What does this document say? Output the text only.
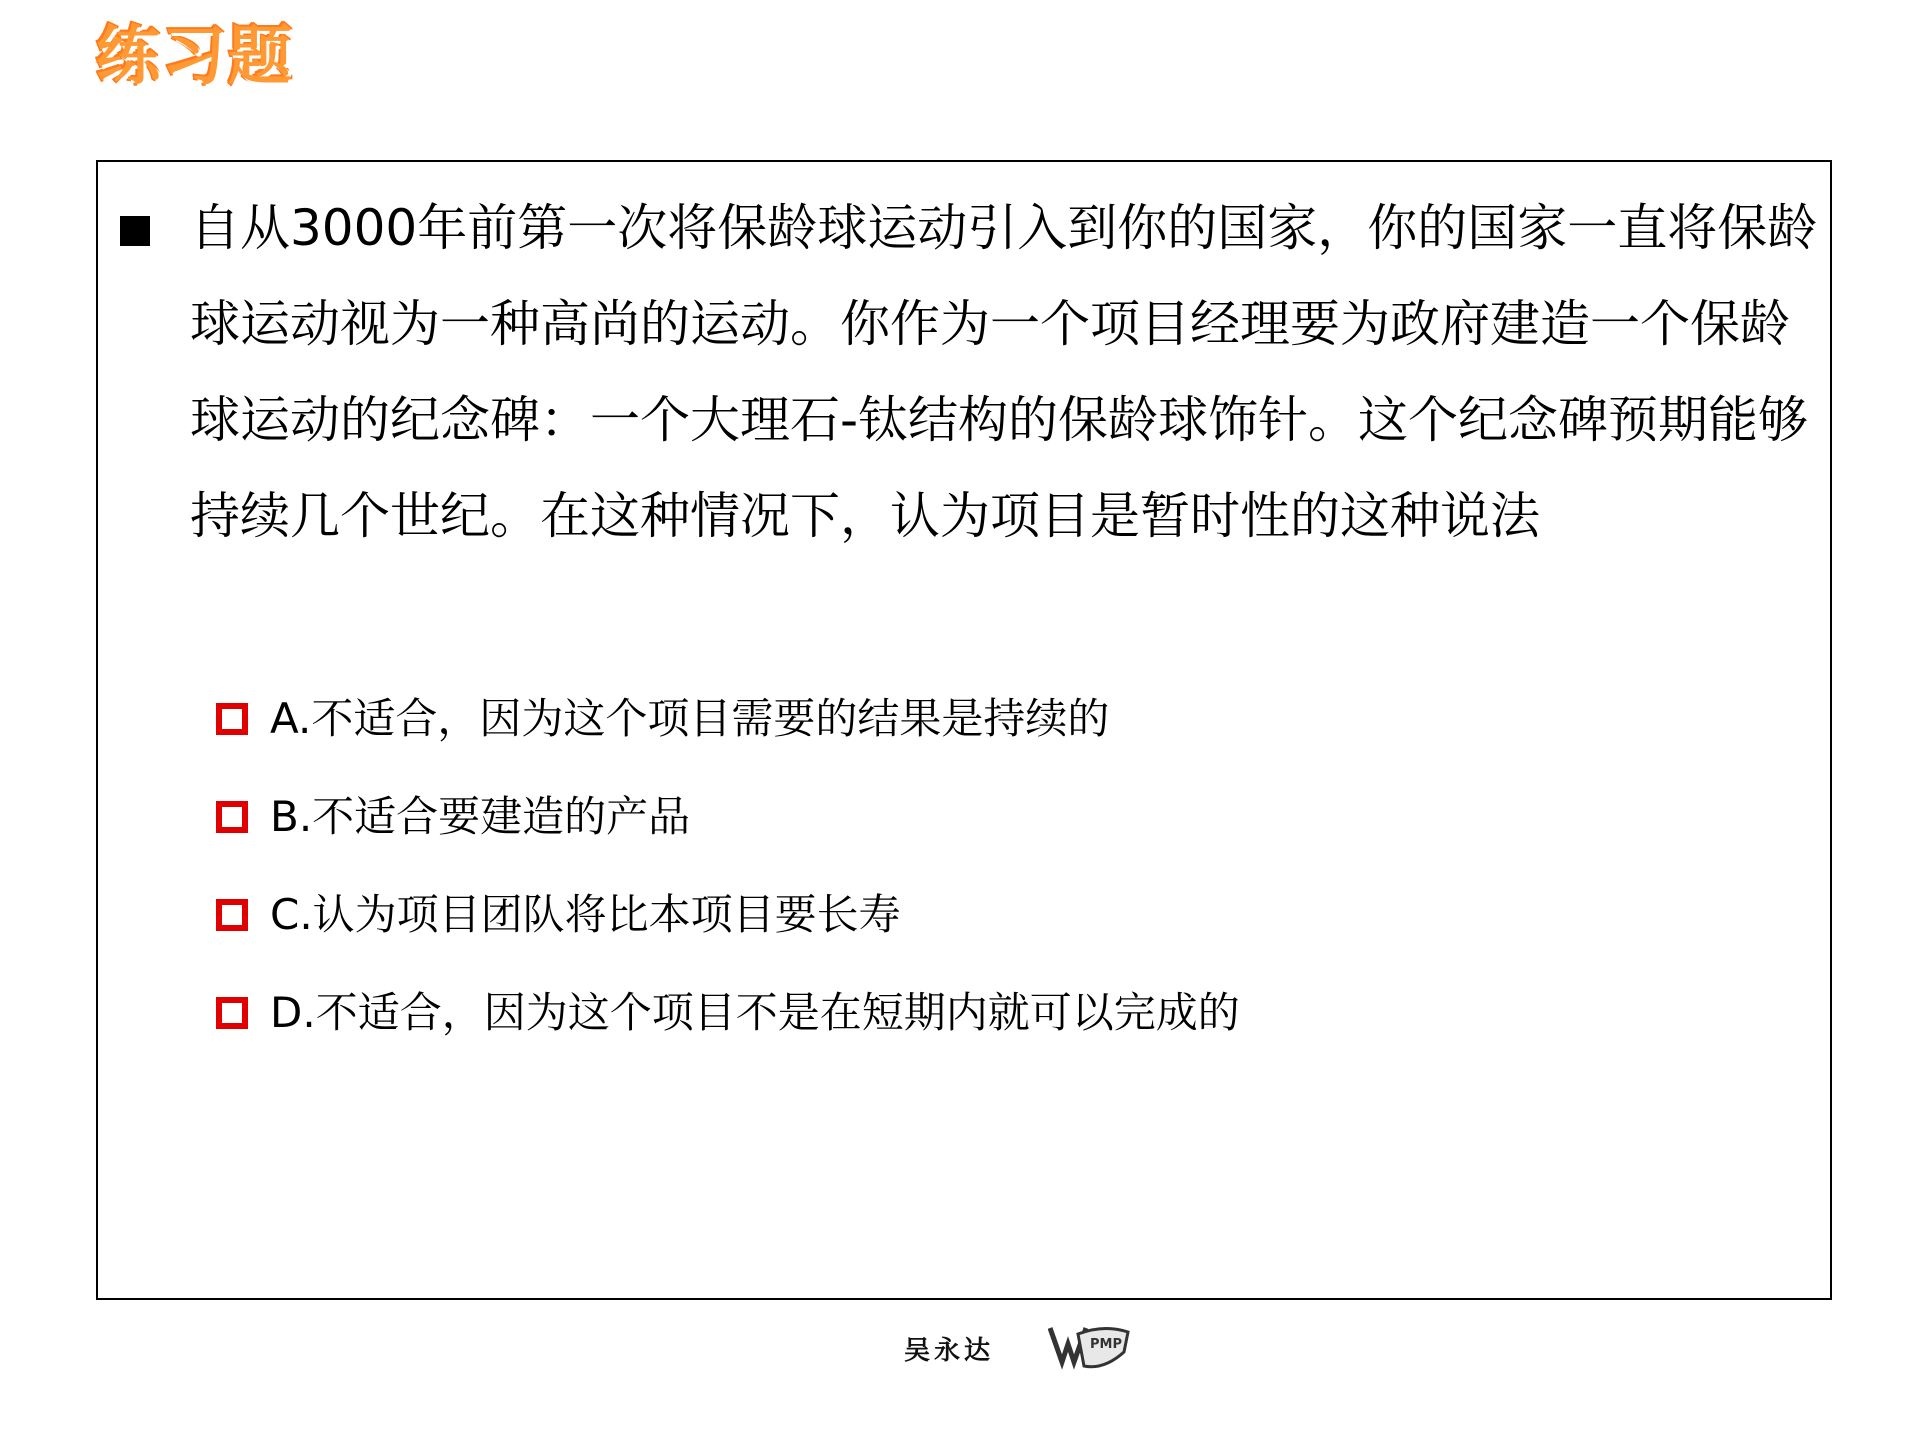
练习题
自从3000年前第一次将保龄球运动引入到你的国家，你的国家一直将保龄球运动视为一种高尚的运动。你作为一个项目经理要为政府建造一个保龄球运动的纪念碑：一个大理石-钛结构的保龄球饰针。这个纪念碑预期能够持续几个世纪。在这种情况下，认为项目是暂时性的这种说法
A.不适合，因为这个项目需要的结果是持续的
B.不适合要建造的产品
C.认为项目团队将比本项目要长寿
D.不适合，因为这个项目不是在短期内就可以完成的
吴永达	PMP
